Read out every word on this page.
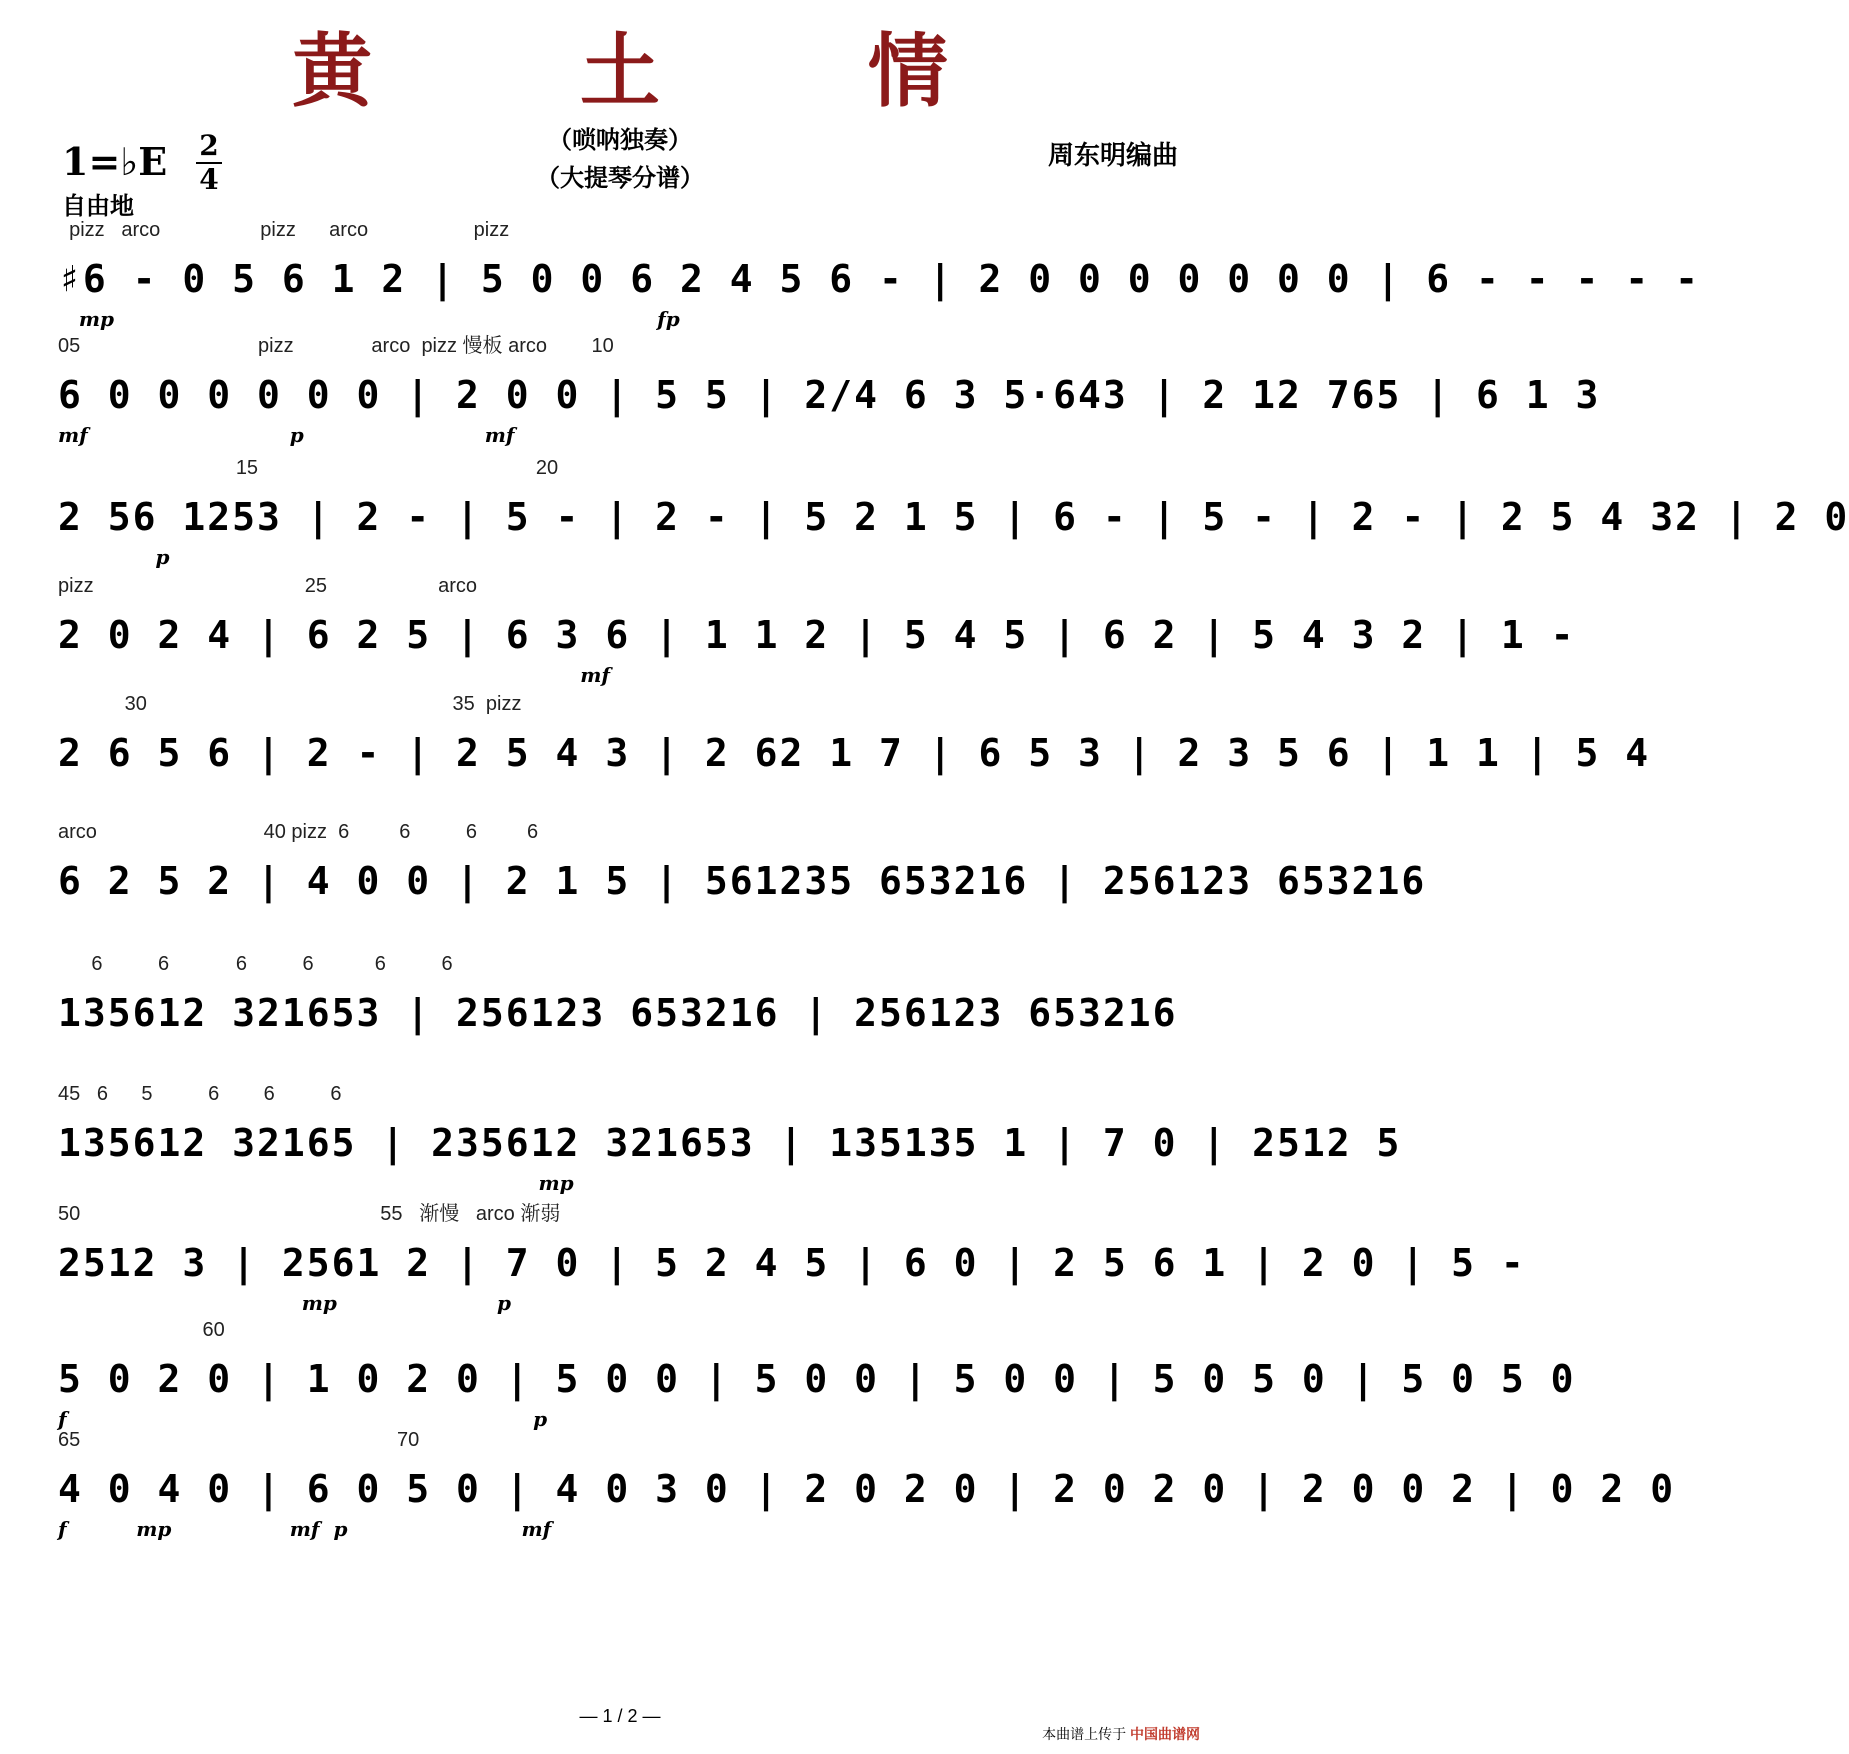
黄 土 情
1=♭E 2
4
自由地
（唢呐独奏）
（大提琴分谱）
周东明编曲
pizz   arco                  pizz      arco                   pizz
♯6 - 0 5 6 1 2 | 5 0 0 6 2 4 5 6 - | 2 0 0 0 0 0 0 0 | 6 - - - - -
mp                                                                              fp
05                                pizz              arco  pizz 慢板 arco        10
6 0 0 0 0 0 0 | 2 0 0 | 5 5 | 2/4 6 3 5·643 | 2 12 765 | 6 1 3
mf                             p                          mf
15                                                  20
2 56 1253 | 2 - | 5 - | 2 - | 5 2 1 5 | 6 - | 5 - | 2 - | 2 5 4 32 | 2 0
p
pizz                                      25                    arco
2 0 2 4 | 6 2 5 | 6 3 6 | 1 1 2 | 5 4 5 | 6 2 | 5 4 3 2 | 1 -
mf
30                                                       35  pizz
2 6 5 6 | 2 - | 2 5 4 3 | 2 62 1 7 | 6 5 3 | 2 3 5 6 | 1 1 | 5 4
arco                              40 pizz  6         6          6         6
6 2 5 2 | 4 0 0 | 2 1 5 | 561235 653216 | 256123 653216
6          6            6          6           6          6
135612 321653 | 256123 653216 | 256123 653216
45   6      5          6        6          6
135612 32165 | 235612 321653 | 135135 1 | 7 0 | 2512 5
mp
50                                                      55   渐慢   arco 渐弱
2512 3 | 2561 2 | 7 0 | 5 2 4 5 | 6 0 | 2 5 6 1 | 2 0 | 5 -
mp                       p
60
5 0 2 0 | 1 0 2 0 | 5 0 0 | 5 0 0 | 5 0 0 | 5 0 5 0 | 5 0 5 0
f                                                                   p
65                                                         70
4 0 4 0 | 6 0 5 0 | 4 0 3 0 | 2 0 2 0 | 2 0 2 0 | 2 0 0 2 | 0 2 0
f          mp                 mf  p                         mf
— 1 / 2 —
本曲谱上传于 中国曲谱网
